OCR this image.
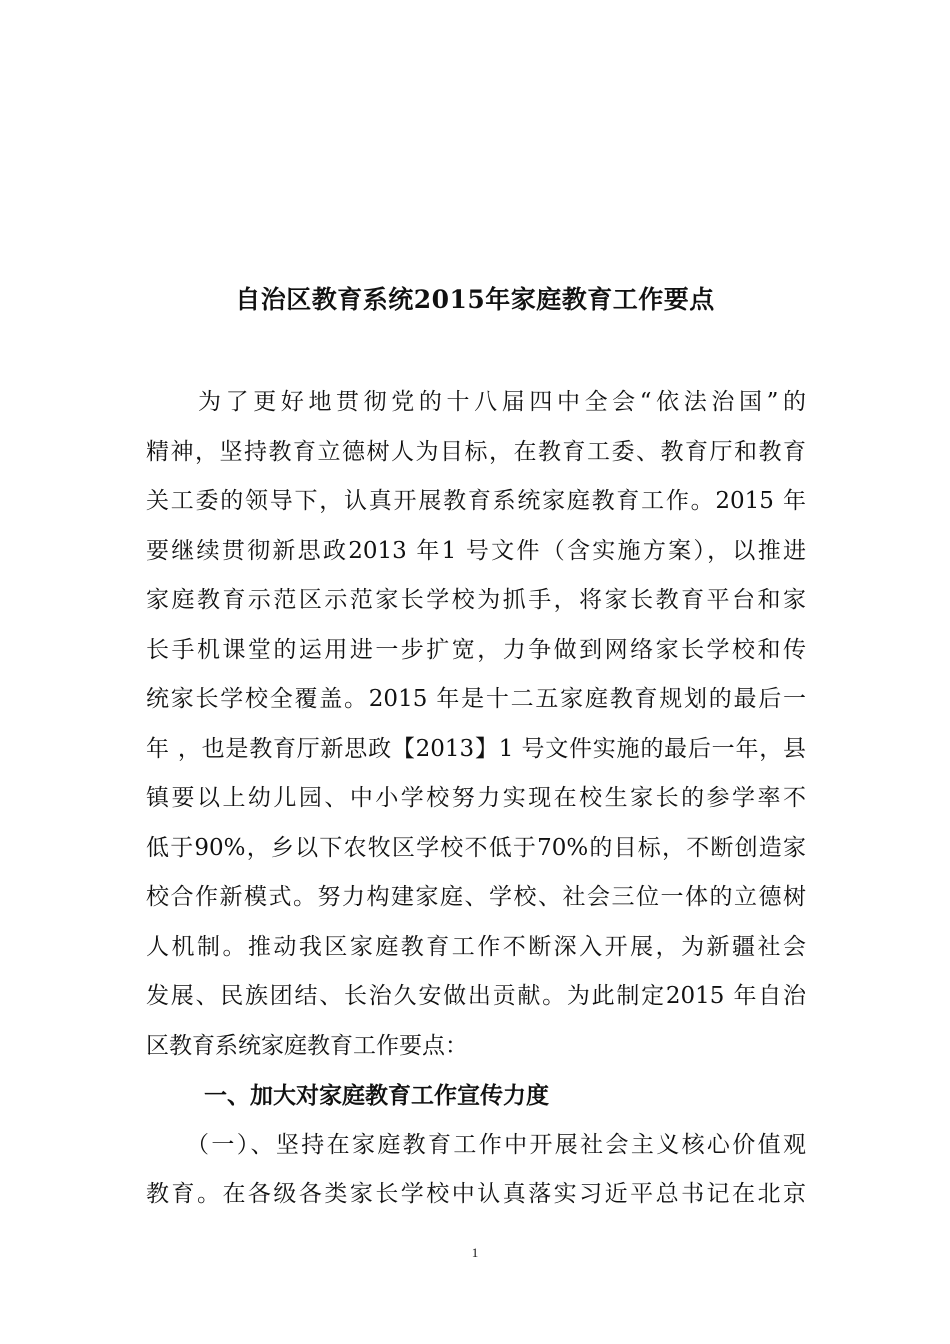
自治区教育系统2015年家庭教育工作要点
为了更好地贯彻党的十八届四中全会“依法治国”的
精神，坚持教育立德树人为目标，在教育工委、教育厅和教育
关工委的领导下，认真开展教育系统家庭教育工作。2015 年
要继续贯彻新思政2013 年1 号文件（含实施方案），以推进
家庭教育示范区示范家长学校为抓手，将家长教育平台和家
长手机课堂的运用进一步扩宽，力争做到网络家长学校和传
统家长学校全覆盖。2015 年是十二五家庭教育规划的最后一
年 ，也是教育厅新思政【2013】1 号文件实施的最后一年，县
镇要以上幼儿园、中小学校努力实现在校生家长的参学率不
低于90%，乡以下农牧区学校不低于70%的目标，不断创造家
校合作新模式。努力构建家庭、学校、社会三位一体的立德树
人机制。推动我区家庭教育工作不断深入开展，为新疆社会
发展、民族团结、长治久安做出贡献。为此制定2015 年自治
区教育系统家庭教育工作要点：
一、加大对家庭教育工作宣传力度
（一）、坚持在家庭教育工作中开展社会主义核心价值观
教育。在各级各类家长学校中认真落实习近平总书记在北京
1
